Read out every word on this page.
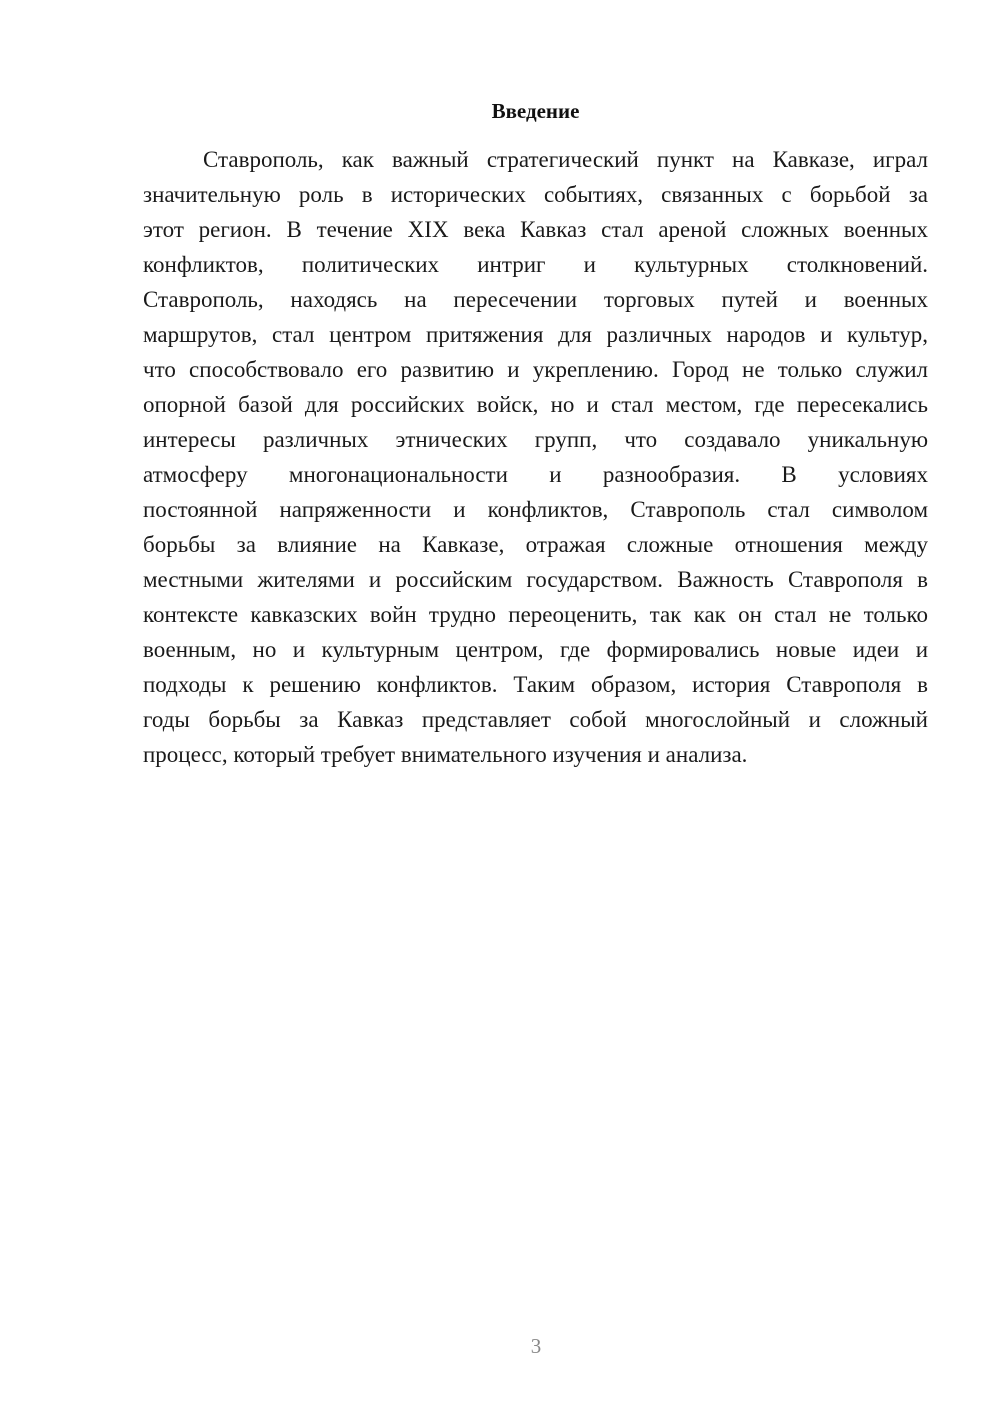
Введение
Ставрополь, как важный стратегический пункт на Кавказе, играл
значительную роль в исторических событиях, связанных с борьбой за
этот регион. В течение XIX века Кавказ стал ареной сложных военных
конфликтов, политических интриг и культурных столкновений.
Ставрополь, находясь на пересечении торговых путей и военных
маршрутов, стал центром притяжения для различных народов и культур,
что способствовало его развитию и укреплению. Город не только служил
опорной базой для российских войск, но и стал местом, где пересекались
интересы различных этнических групп, что создавало уникальную
атмосферу многонациональности и разнообразия. В условиях
постоянной напряженности и конфликтов, Ставрополь стал символом
борьбы за влияние на Кавказе, отражая сложные отношения между
местными жителями и российским государством. Важность Ставрополя в
контексте кавказских войн трудно переоценить, так как он стал не только
военным, но и культурным центром, где формировались новые идеи и
подходы к решению конфликтов. Таким образом, история Ставрополя в
годы борьбы за Кавказ представляет собой многослойный и сложный
процесс, который требует внимательного изучения и анализа.
3
